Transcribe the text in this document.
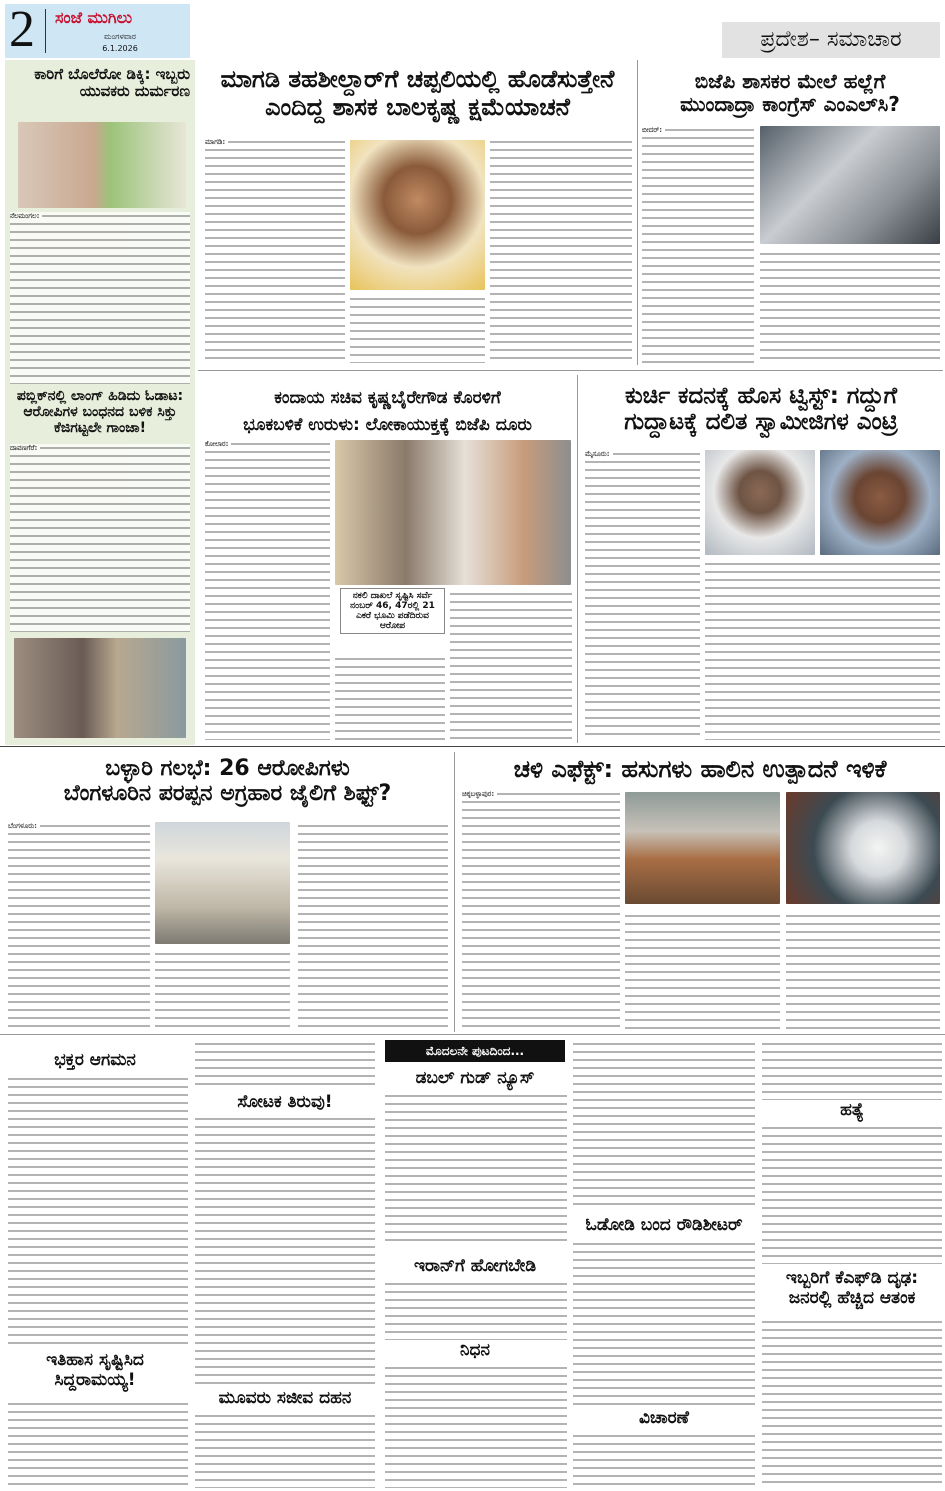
2 ಸಂಜೆ ಮುಗಿಲು
ಮಂಗಳವಾರ
6.1.2026	ಪ್ರದೇಶ– ಸಮಾಚಾರ
ಕಾರಿಗೆ ಬೊಲೆರೋ ಡಿಕ್ಕಿ: ಇಬ್ಬರು ಯುವಕರು ದುರ್ಮರಣ
ನೆಲಮಂಗಲ:
ಪಬ್ಲಿಕ್‌ನಲ್ಲಿ ಲಾಂಗ್ ಹಿಡಿದು ಓಡಾಟ: ಆರೋಪಿಗಳ ಬಂಧನದ ಬಳಿಕ ಸಿಕ್ತು ಕೆಜಿಗಟ್ಟಲೇ ಗಾಂಜಾ!
ದಾವಣಗೆರೆ:
ಮಾಗಡಿ ತಹಶೀಲ್ದಾರ್‌ಗೆ ಚಪ್ಪಲಿಯಲ್ಲಿ ಹೊಡೆಸುತ್ತೇನೆ
ಎಂದಿದ್ದ ಶಾಸಕ ಬಾಲಕೃಷ್ಣ ಕ್ಷಮೆಯಾಚನೆ
ಮಾಗಡಿ:
ಬಿಜೆಪಿ ಶಾಸಕರ ಮೇಲೆ ಹಲ್ಲೆಗೆ
ಮುಂದಾದ್ರಾ ಕಾಂಗ್ರೆಸ್ ಎಂಎಲ್‌ಸಿ?
ಬೀದರ್:
ಕಂದಾಯ ಸಚಿವ ಕೃಷ್ಣಬೈರೇಗೌಡ ಕೊರಳಿಗೆ
ಭೂಕಬಳಿಕೆ ಉರುಳು: ಲೋಕಾಯುಕ್ತಕ್ಕೆ ಬಿಜೆಪಿ ದೂರು
ಕೋಲಾರ:
ನಕಲಿ ದಾಖಲೆ ಸೃಷ್ಟಿಸಿ ಸರ್ವೆ ನಂಬರ್ 46, 47ರಲ್ಲಿ 21 ಎಕರೆ ಭೂಮಿ ಪಡೆದಿರುವ ಆರೋಪ
ಕುರ್ಚಿ ಕದನಕ್ಕೆ ಹೊಸ ಟ್ವಿಸ್ಟ್: ಗದ್ದುಗೆ
ಗುದ್ದಾಟಕ್ಕೆ ದಲಿತ ಸ್ವಾಮೀಜಿಗಳ ಎಂಟ್ರಿ
ಮೈಸೂರು:
ಬಳ್ಳಾರಿ ಗಲಭೆ: 26 ಆರೋಪಿಗಳು
ಬೆಂಗಳೂರಿನ ಪರಪ್ಪನ ಅಗ್ರಹಾರ ಜೈಲಿಗೆ ಶಿಫ್ಟ್?
ಬೆಂಗಳೂರು:
ಚಳಿ ಎಫೆಕ್ಟ್: ಹಸುಗಳು ಹಾಲಿನ ಉತ್ಪಾದನೆ ಇಳಿಕೆ
ಚಿಕ್ಕಬಳ್ಳಾಪುರ:
ಮೊದಲನೇ ಪುಟದಿಂದ...
ಭಕ್ತರ ಆಗಮನ
ಇತಿಹಾಸ ಸೃಷ್ಟಿಸಿದ ಸಿದ್ದರಾಮಯ್ಯ!
ಸೋಟಕ ತಿರುವು!
ಮೂವರು ಸಜೀವ ದಹನ
ಡಬಲ್ ಗುಡ್ ನ್ಯೂಸ್
ಇರಾನ್‌ಗೆ ಹೋಗಬೇಡಿ
ನಿಧನ
ಓಡೋಡಿ ಬಂದ ರೌಡಿಶೀಟರ್
ವಿಚಾರಣೆ
ಹತ್ಯೆ
ಇಬ್ಬರಿಗೆ ಕೆಎಫ್‌ಡಿ ದೃಢ: ಜನರಲ್ಲಿ ಹೆಚ್ಚಿದ ಆತಂಕ
